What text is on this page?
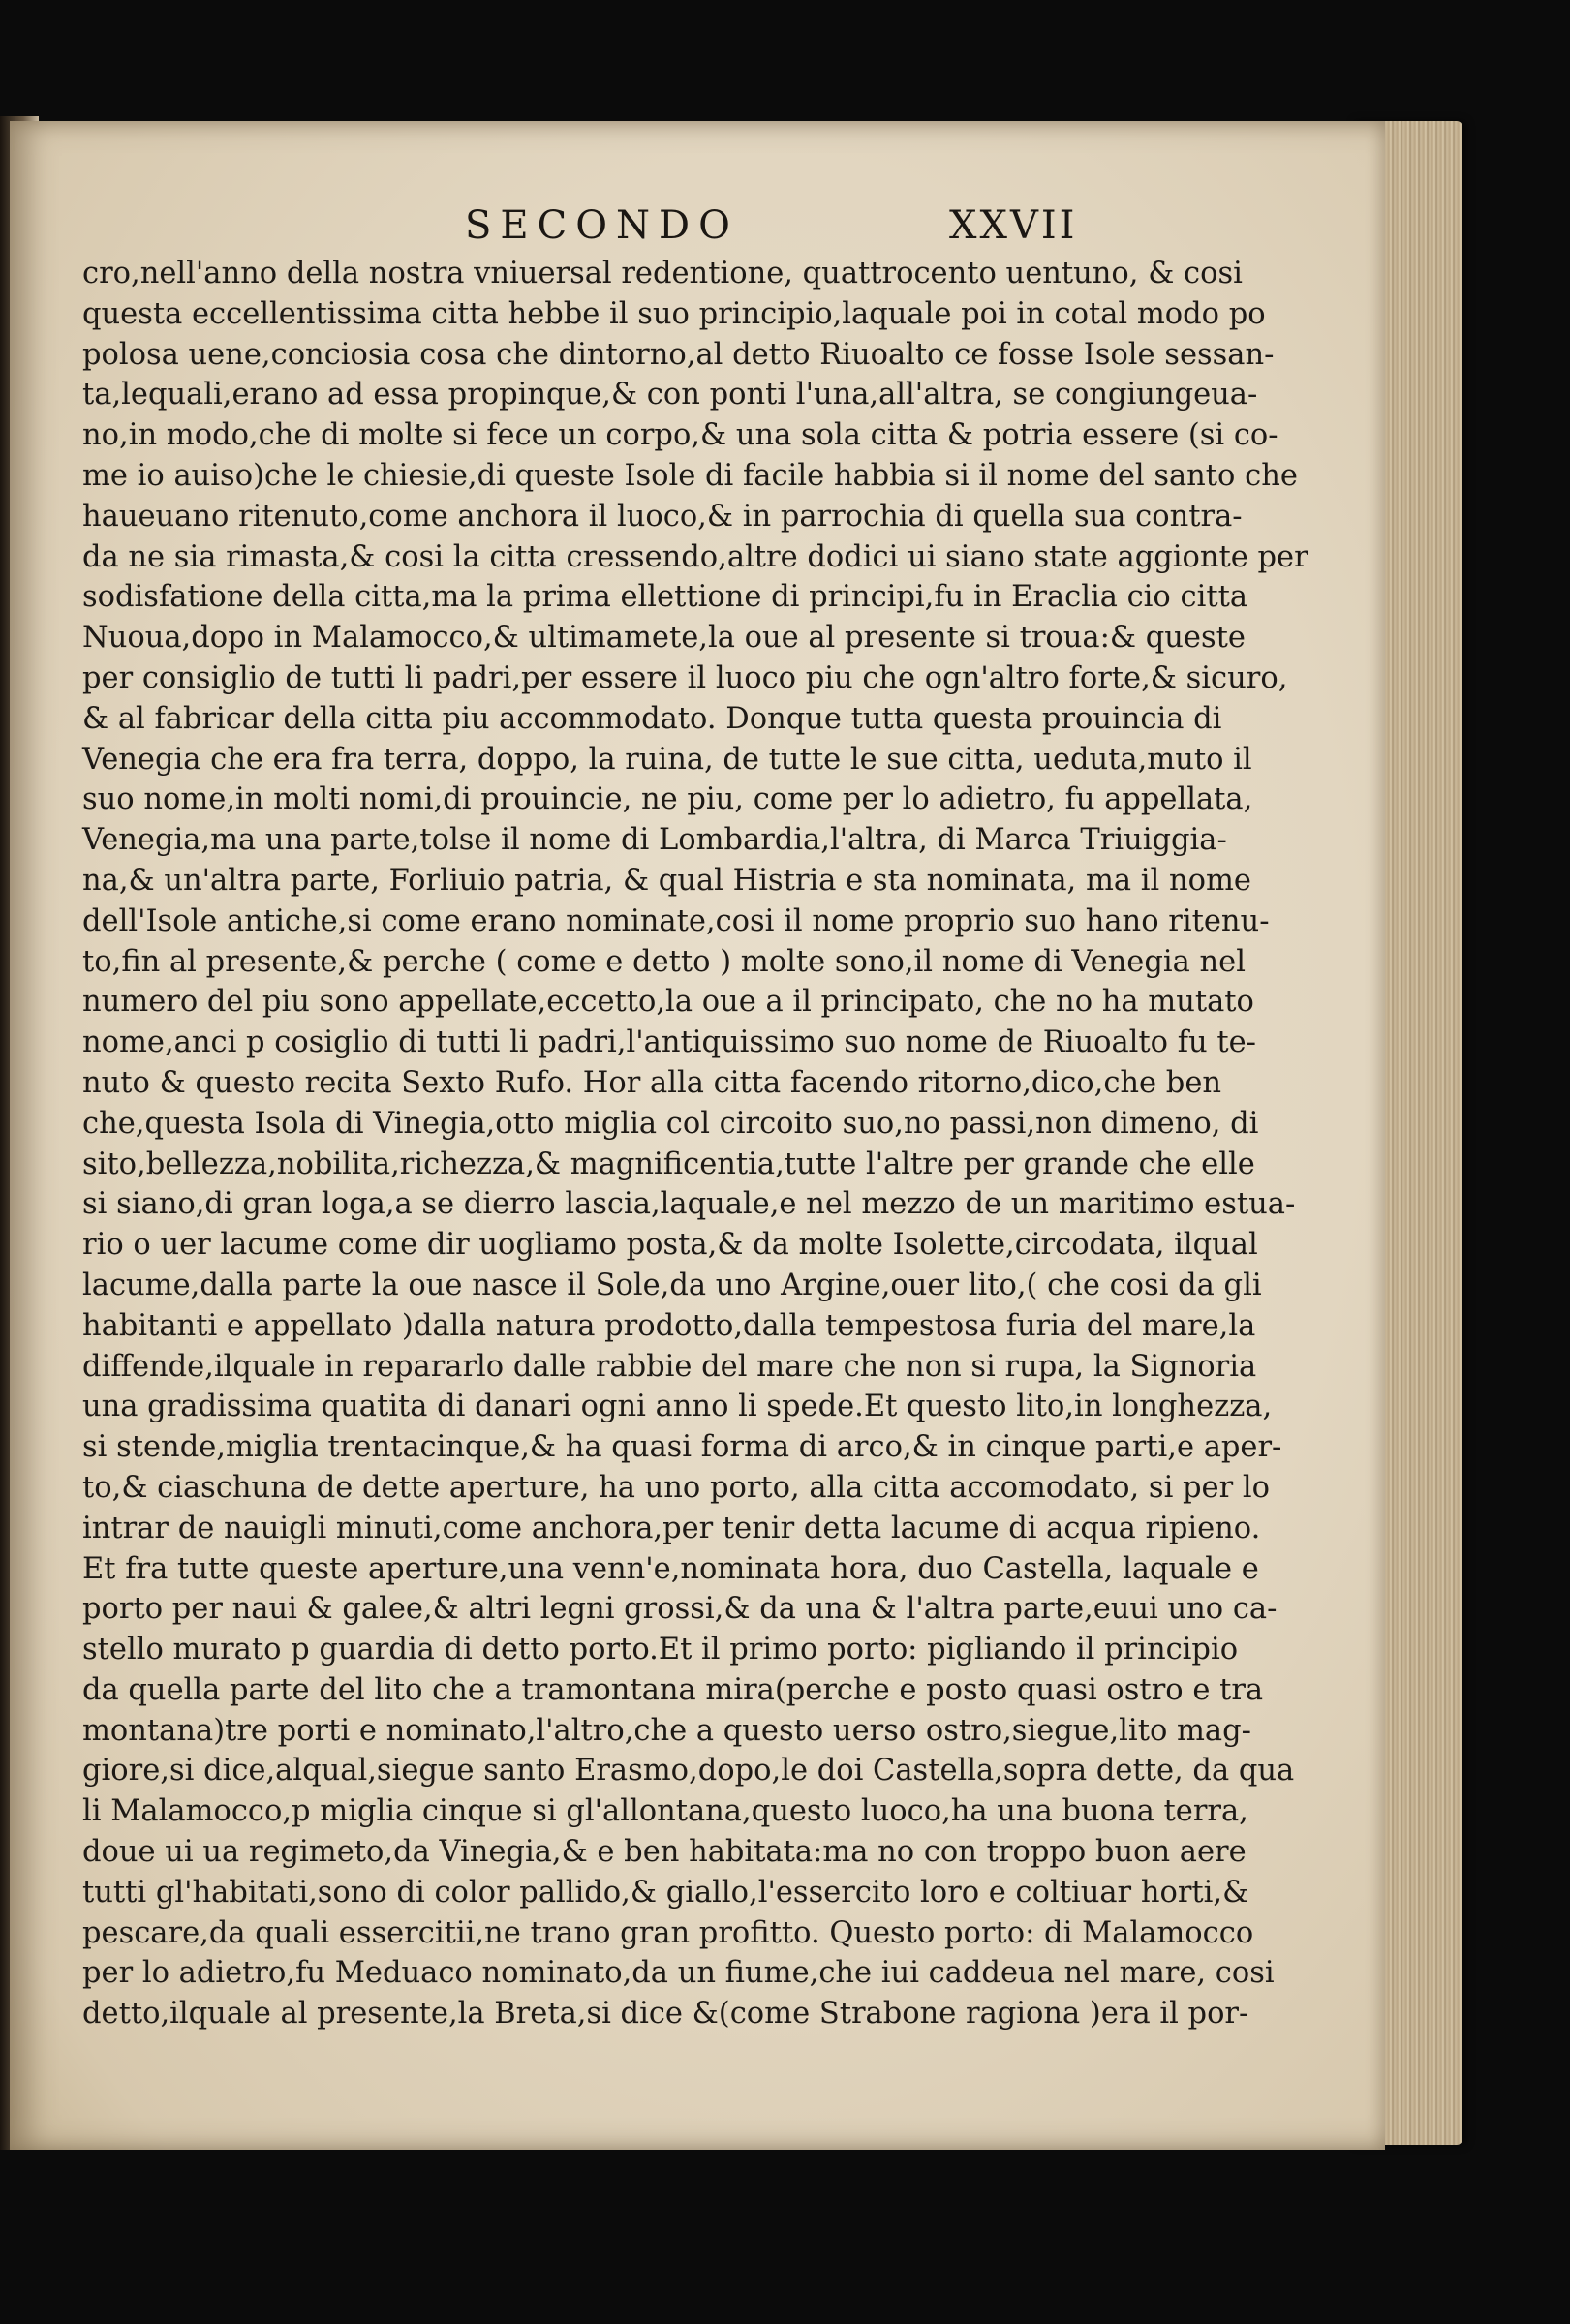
SECONDO	XXVII
cro,nell'anno della nostra vniuersal redentione, quattrocento uentuno, & cosi
questa eccellentissima citta hebbe il suo principio,laquale poi in cotal modo po
polosa uene,conciosia cosa che dintorno,al detto Riuoalto ce fosse Isole sessan-
ta,lequali,erano ad essa propinque,& con ponti l'una,all'altra, se congiungeua-
no,in modo,che di molte si fece un corpo,& una sola citta & potria essere (si co-
me io auiso)che le chiesie,di queste Isole di facile habbia si il nome del santo che
haueuano ritenuto,come anchora il luoco,& in parrochia di quella sua contra-
da ne sia rimasta,& cosi la citta cressendo,altre dodici ui siano state aggionte per
sodisfatione della citta,ma la prima ellettione di principi,fu in Eraclia cio citta
Nuoua,dopo in Malamocco,& ultimamete,la oue al presente si troua:& queste
per consiglio de tutti li padri,per essere il luoco piu che ogn'altro forte,& sicuro,
& al fabricar della citta piu accommodato. Donque tutta questa prouincia di
Venegia che era fra terra, doppo, la ruina, de tutte le sue citta, ueduta,muto il
suo nome,in molti nomi,di prouincie, ne piu, come per lo adietro, fu appellata,
Venegia,ma una parte,tolse il nome di Lombardia,l'altra, di Marca Triuiggia-
na,& un'altra parte, Forliuio patria, & qual Histria e sta nominata, ma il nome
dell'Isole antiche,si come erano nominate,cosi il nome proprio suo hano ritenu-
to,fin al presente,& perche ( come e detto ) molte sono,il nome di Venegia nel
numero del piu sono appellate,eccetto,la oue a il principato, che no ha mutato
nome,anci p cosiglio di tutti li padri,l'antiquissimo suo nome de Riuoalto fu te-
nuto & questo recita Sexto Rufo. Hor alla citta facendo ritorno,dico,che ben
che,questa Isola di Vinegia,otto miglia col circoito suo,no passi,non dimeno, di
sito,bellezza,nobilita,richezza,& magnificentia,tutte l'altre per grande che elle
si siano,di gran loga,a se dierro lascia,laquale,e nel mezzo de un maritimo estua-
rio o uer lacume come dir uogliamo posta,& da molte Isolette,circodata, ilqual
lacume,dalla parte la oue nasce il Sole,da uno Argine,ouer lito,( che cosi da gli
habitanti e appellato )dalla natura prodotto,dalla tempestosa furia del mare,la
diffende,ilquale in repararlo dalle rabbie del mare che non si rupa, la Signoria
una gradissima quatita di danari ogni anno li spede.Et questo lito,in longhezza,
si stende,miglia trentacinque,& ha quasi forma di arco,& in cinque parti,e aper-
to,& ciaschuna de dette aperture, ha uno porto, alla citta accomodato, si per lo
intrar de nauigli minuti,come anchora,per tenir detta lacume di acqua ripieno.
Et fra tutte queste aperture,una venn'e,nominata hora, duo Castella, laquale e
porto per naui & galee,& altri legni grossi,& da una & l'altra parte,euui uno ca-
stello murato p guardia di detto porto.Et il primo porto: pigliando il principio
da quella parte del lito che a tramontana mira(perche e posto quasi ostro e tra
montana)tre porti e nominato,l'altro,che a questo uerso ostro,siegue,lito mag-
giore,si dice,alqual,siegue santo Erasmo,dopo,le doi Castella,sopra dette, da qua
li Malamocco,p miglia cinque si gl'allontana,questo luoco,ha una buona terra,
doue ui ua regimeto,da Vinegia,& e ben habitata:ma no con troppo buon aere
tutti gl'habitati,sono di color pallido,& giallo,l'essercito loro e coltiuar horti,&
pescare,da quali essercitii,ne trano gran profitto. Questo porto: di Malamocco
per lo adietro,fu Meduaco nominato,da un fiume,che iui caddeua nel mare, cosi
detto,ilquale al presente,la Breta,si dice &(come Strabone ragiona )era il por-
